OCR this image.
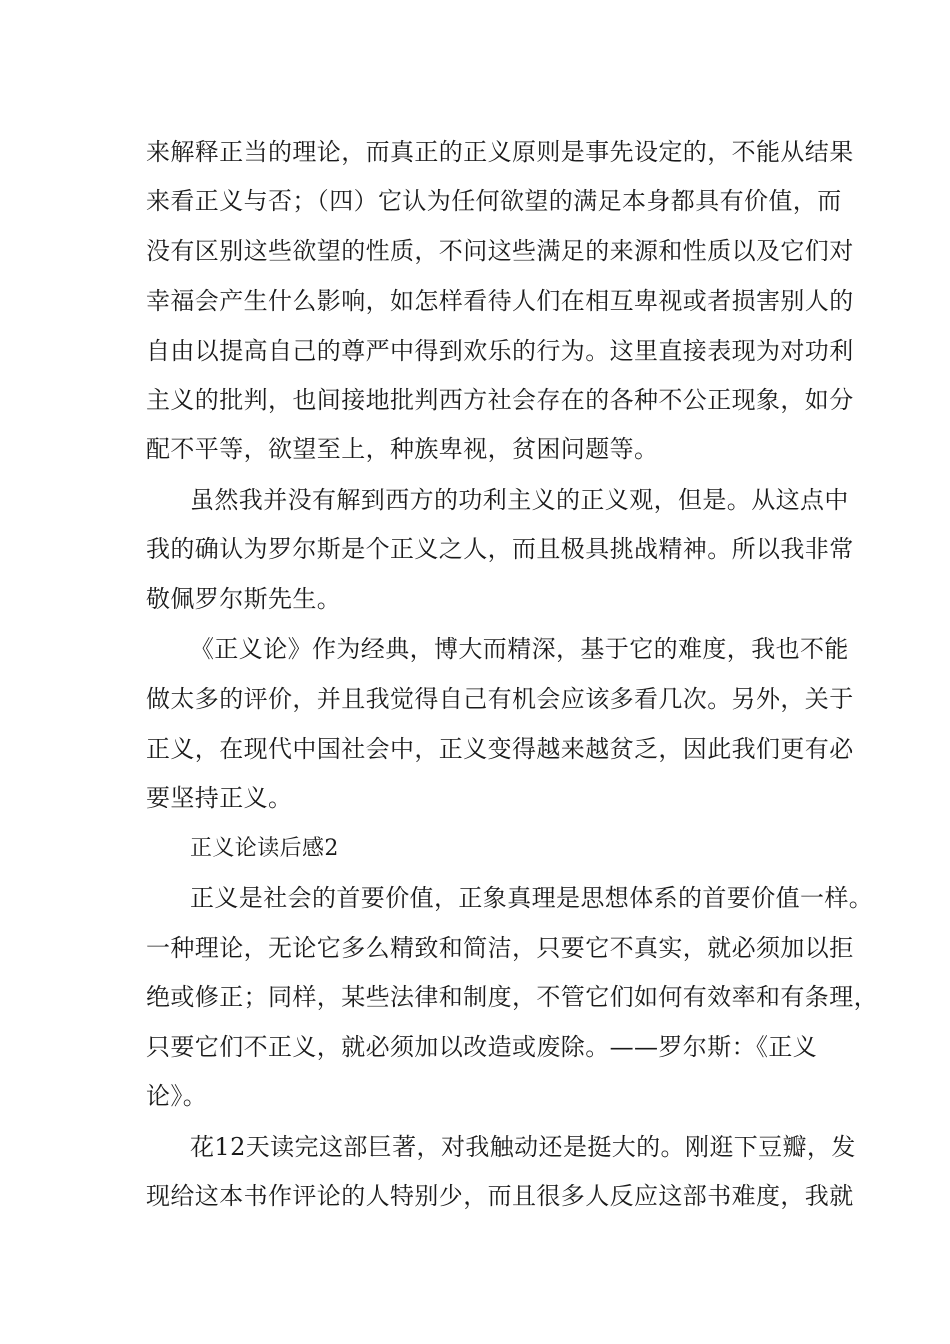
来解释正当的理论，而真正的正义原则是事先设定的，不能从结果
来看正义与否；（四）它认为任何欲望的满足本身都具有价值，而
没有区别这些欲望的性质，不问这些满足的来源和性质以及它们对
幸福会产生什么影响，如怎样看待人们在相互卑视或者损害别人的
自由以提高自己的尊严中得到欢乐的行为。这里直接表现为对功利
主义的批判，也间接地批判西方社会存在的各种不公正现象，如分
配不平等，欲望至上，种族卑视，贫困问题等。
虽然我并没有解到西方的功利主义的正义观，但是。从这点中
我的确认为罗尔斯是个正义之人，而且极具挑战精神。所以我非常
敬佩罗尔斯先生。
《正义论》作为经典，博大而精深，基于它的难度，我也不能
做太多的评价，并且我觉得自己有机会应该多看几次。另外，关于
正义，在现代中国社会中，正义变得越来越贫乏，因此我们更有必
要坚持正义。
正义论读后感2
正义是社会的首要价值，正象真理是思想体系的首要价值一样。
一种理论，无论它多么精致和简洁，只要它不真实，就必须加以拒
绝或修正；同样，某些法律和制度，不管它们如何有效率和有条理，
只要它们不正义，就必须加以改造或废除。——罗尔斯：《正义
论》。
花12天读完这部巨著，对我触动还是挺大的。刚逛下豆瓣，发
现给这本书作评论的人特别少，而且很多人反应这部书难度，我就
